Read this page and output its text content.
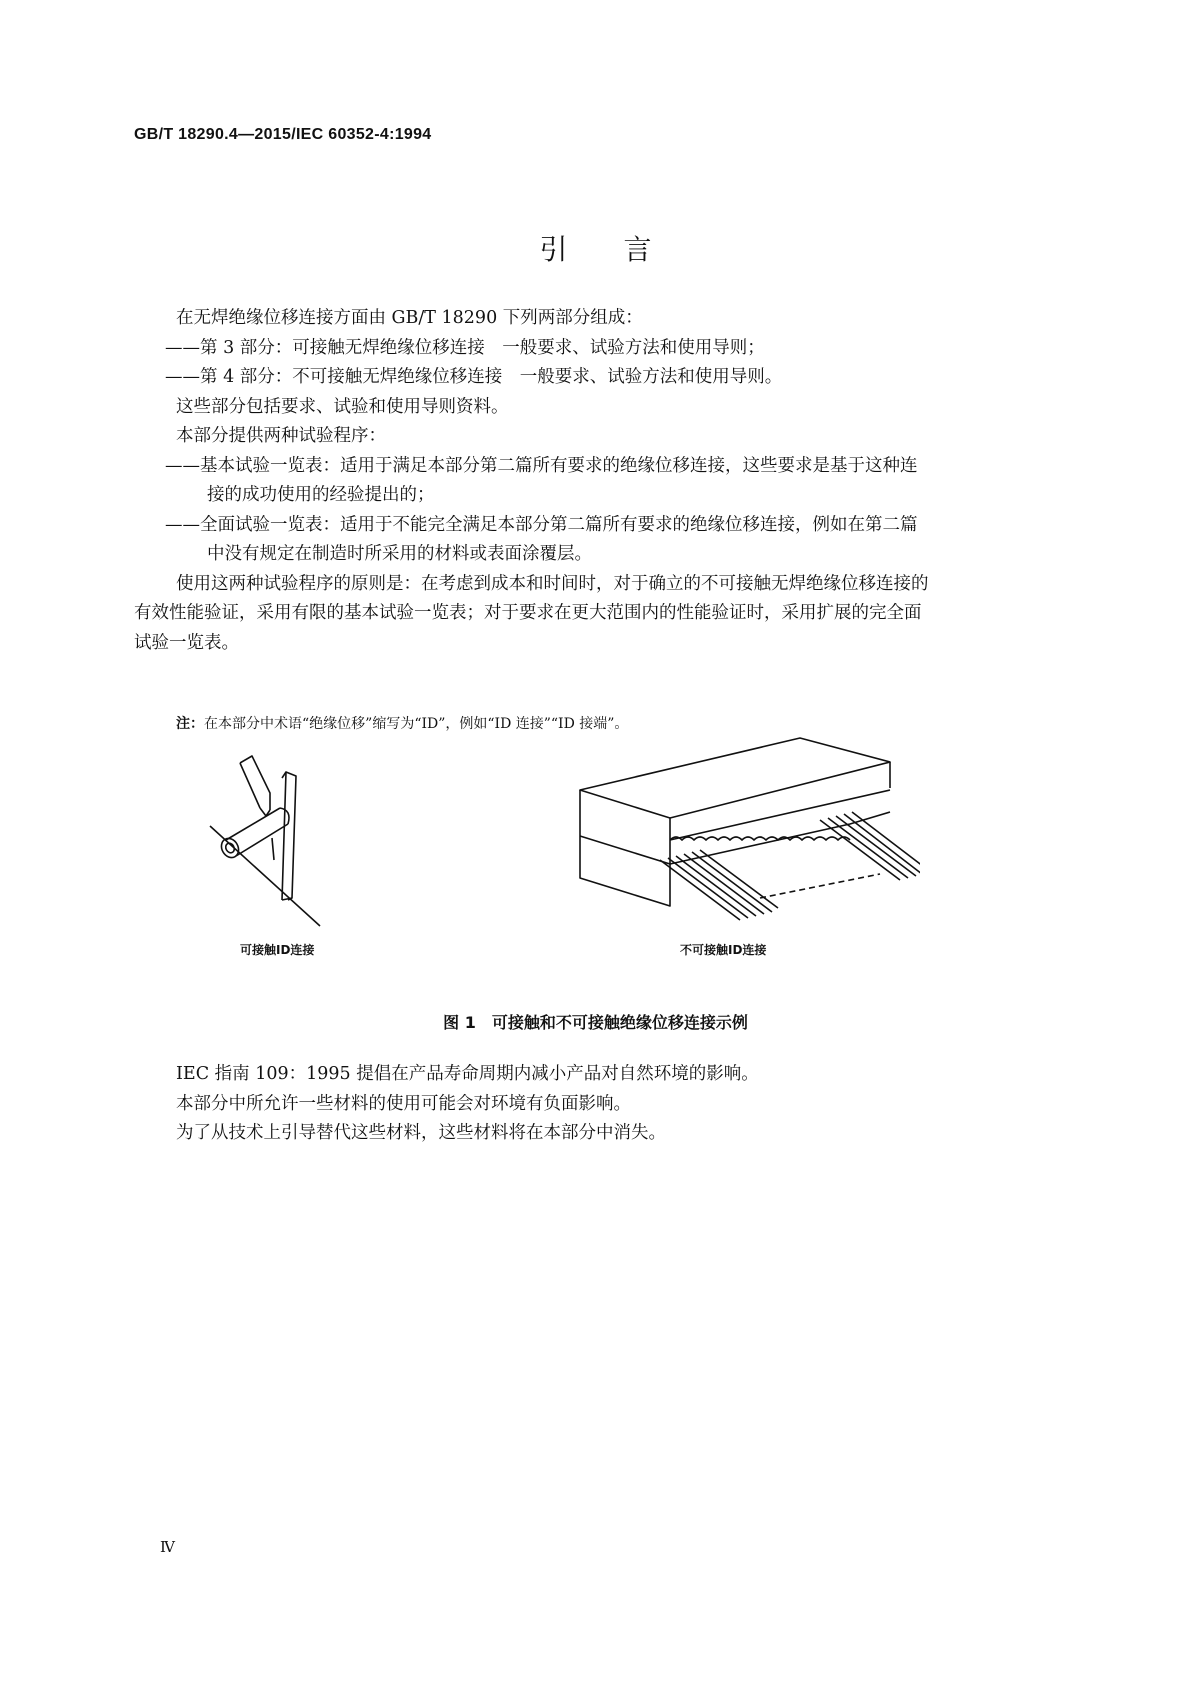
GB/T 18290.4—2015/IEC 60352-4:1994
引 言

在无焊绝缘位移连接方面由 GB/T 18290 下列两部分组成：

——第 3 部分：可接触无焊绝缘位移连接　一般要求、试验方法和使用导则；

——第 4 部分：不可接触无焊绝缘位移连接　一般要求、试验方法和使用导则。

这些部分包括要求、试验和使用导则资料。

本部分提供两种试验程序：

——基本试验一览表：适用于满足本部分第二篇所有要求的绝缘位移连接，这些要求是基于这种连

接的成功使用的经验提出的；

——全面试验一览表：适用于不能完全满足本部分第二篇所有要求的绝缘位移连接，例如在第二篇

中没有规定在制造时所采用的材料或表面涂覆层。

使用这两种试验程序的原则是：在考虑到成本和时间时，对于确立的不可接触无焊绝缘位移连接的

有效性能验证，采用有限的基本试验一览表；对于要求在更大范围内的性能验证时，采用扩展的完全面

试验一览表。

注：在本部分中术语“绝缘位移”缩写为“ID”，例如“ID 连接”“ID 接端”。
可接触ID连接	不可接触ID连接
图 1　可接触和不可接触绝缘位移连接示例

IEC 指南 109：1995 提倡在产品寿命周期内减小产品对自然环境的影响。

本部分中所允许一些材料的使用可能会对环境有负面影响。

为了从技术上引导替代这些材料，这些材料将在本部分中消失。

Ⅳ
